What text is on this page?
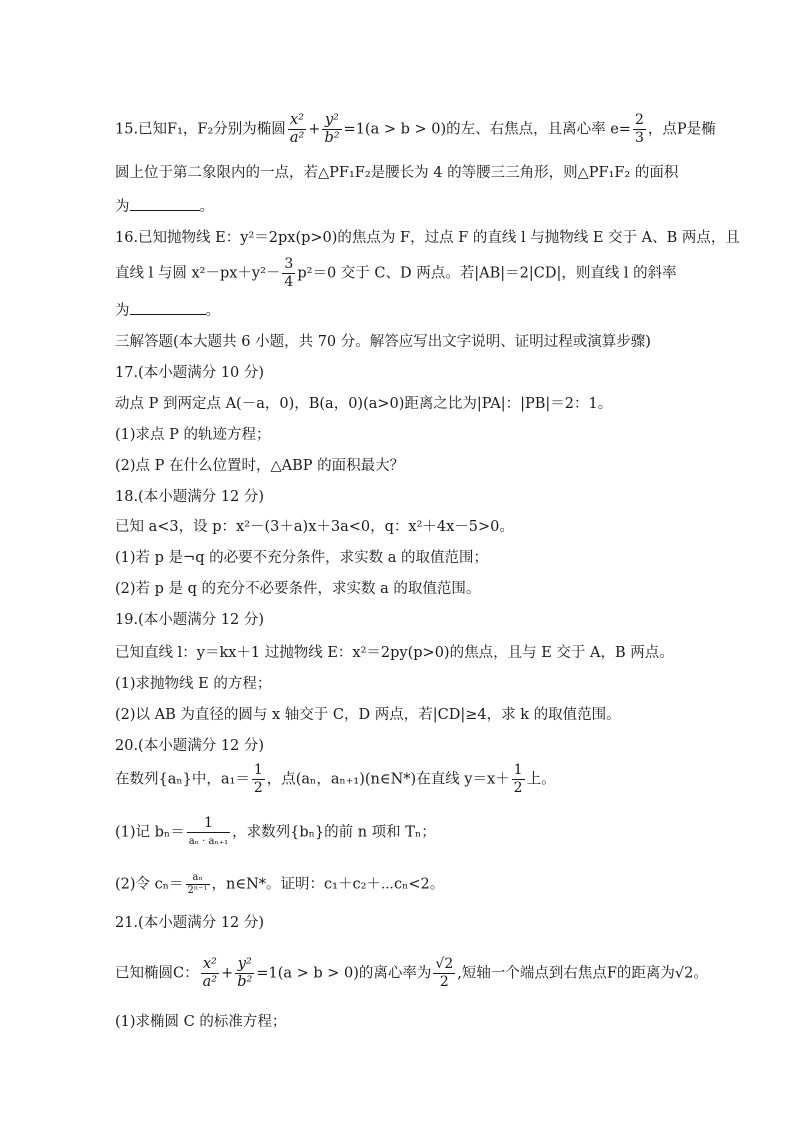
15.已知F₁，F₂分别为椭圆 $\frac{\text{x²}}{\text{a²}} + \frac{\text{y²}}{\text{b²}} =1(a > b > 0)$的左、右焦点，且离心率 $e= \frac{2}{3}$ ，点P是椭
圆上位于第二象限内的一点，若△PF₁F₂是腰长为 4 的等腰三三角形，则△PF₁F₂ 的面积
为	。
16.已知抛物线 E：y²＝2px(p>0)的焦点为 F，过点 F 的直线 l 与抛物线 E 交于 A、B 两点，且
直线 l 与圆 $x^2-px+y^2- \frac{3}{4} p^2=0$ 交于 C、D 两点。若|AB|＝2|CD|，则直线 l 的斜率
为	。
三解答题(本大题共 6 小题，共 70 分。解答应写出文字说明、证明过程或演算步骤)
17.(本小题满分 10 分)
动点 P 到两定点 A(－a，0)，B(a，0)(a>0)距离之比为|PA|：|PB|＝2：1。
(1)求点 P 的轨迹方程；
(2)点 P 在什么位置时，△ABP 的面积最大？
18.(本小题满分 12 分)
已知 a<3，设 p：x²－(3＋a)x＋3a<0，q：x²＋4x－5>0。
(1)若 p 是¬q 的必要不充分条件，求实数 a 的取值范围；
(2)若 p 是 q 的充分不必要条件，求实数 a 的取值范围。
19.(本小题满分 12 分)
已知直线 l：y＝kx＋1 过抛物线 E：x²＝2py(p>0)的焦点，且与 E 交于 A，B 两点。
(1)求抛物线 E 的方程；
(2)以 AB 为直径的圆与 x 轴交于 C，D 两点，若|CD|≥4，求 k 的取值范围。
20.(本小题满分 12 分)
在数列{aₙ}中，$a_1= \frac{1}{2}$ ，点(aₙ，aₙ₊₁)(n∈N*)在直线 $y=x+ \frac{1}{2}$ 上。
(1)记 $b_n= \frac{1}{\text{aₙ · aₙ₊₁}}$ ，求数列{bₙ}的前 n 项和 Tₙ；
(2)令 $c_n= \frac{\text{aₙ}}{\text{2ⁿ⁻¹}}$ ，n∈N*。证明：c₁＋c₂＋⋯cₙ<2。
21.(本小题满分 12 分)
已知椭圆C： $\frac{\text{x²}}{\text{a²}} + \frac{\text{y²}}{\text{b²}} =1(a > b > 0)$的离心率为 $\frac{√2}{2}$ ,短轴一个端点到右焦点F的距离为√2。
(1)求椭圆 C 的标准方程；
